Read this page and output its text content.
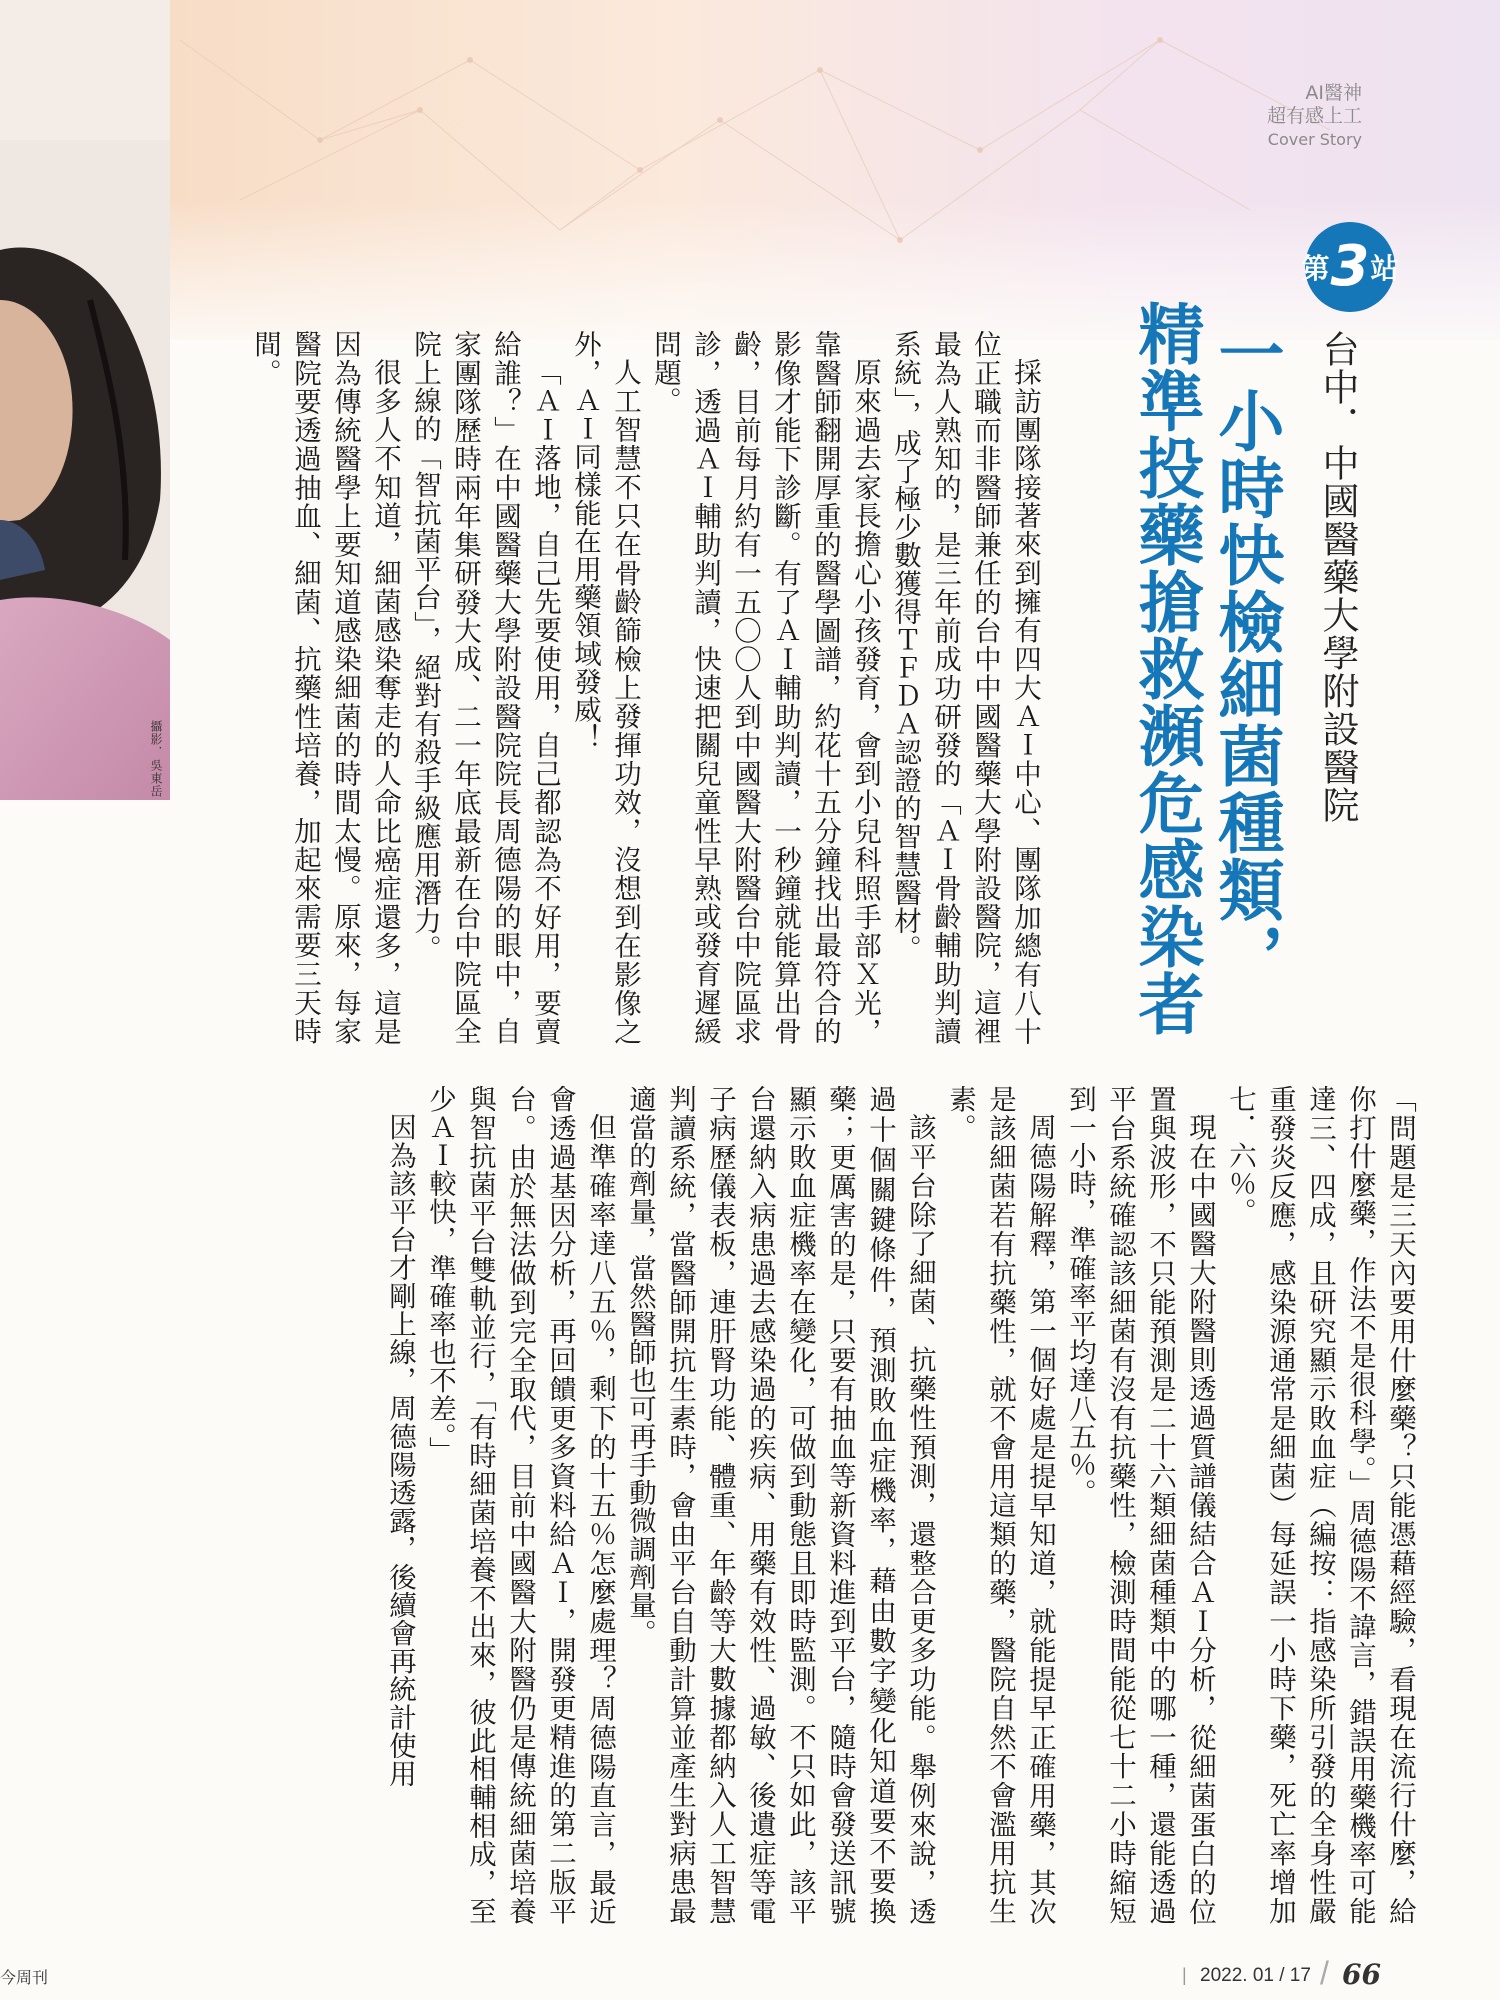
AI醫神
超有感上工
Cover Story
第 3 站
台中．中國醫藥大學附設醫院
一小時快檢細菌種類，
精準投藥搶救瀕危感染者
攝影．吳東岳	採訪團隊接著來到擁有四大ＡＩ中心、團隊加總有八十位正職而非醫師兼任的台中中國醫藥大學附設醫院，這裡最為人熟知的，是三年前成功研發的「ＡＩ骨齡輔助判讀系統」，成了極少數獲得ＴＦＤＡ認證的智慧醫材。

原來過去家長擔心小孩發育，會到小兒科照手部Ｘ光，靠醫師翻開厚重的醫學圖譜，約花十五分鐘找出最符合的影像才能下診斷。有了ＡＩ輔助判讀，一秒鐘就能算出骨齡，目前每月約有一五〇〇人到中國醫大附醫台中院區求診，透過ＡＩ輔助判讀，快速把關兒童性早熟或發育遲緩問題。

人工智慧不只在骨齡篩檢上發揮功效，沒想到在影像之外，ＡＩ同樣能在用藥領域發威！

「ＡＩ落地，自己先要使用，自己都認為不好用，要賣給誰？」在中國醫藥大學附設醫院院長周德陽的眼中，自家團隊歷時兩年集研發大成、二一年底最新在台中院區全院上線的「智抗菌平台」，絕對有殺手級應用潛力。

很多人不知道，細菌感染奪走的人命比癌症還多，這是因為傳統醫學上要知道感染細菌的時間太慢。原來，每家醫院要透過抽血、細菌、抗藥性培養，加起來需要三天時間。

「問題是三天內要用什麼藥？只能憑藉經驗，看現在流行什麼，給你打什麼藥，作法不是很科學。」周德陽不諱言，錯誤用藥機率可能達三、四成，且研究顯示敗血症（編按：指感染所引發的全身性嚴重發炎反應，感染源通常是細菌）每延誤一小時下藥，死亡率增加七．六％。

現在中國醫大附醫則透過質譜儀結合ＡＩ分析，從細菌蛋白的位置與波形，不只能預測是二十六類細菌種類中的哪一種，還能透過平台系統確認該細菌有沒有抗藥性，檢測時間能從七十二小時縮短到一小時，準確率平均達八五％。

周德陽解釋，第一個好處是提早知道，就能提早正確用藥，其次是該細菌若有抗藥性，就不會用這類的藥，醫院自然不會濫用抗生素。

該平台除了細菌、抗藥性預測，還整合更多功能。舉例來說，透過十個關鍵條件，預測敗血症機率，藉由數字變化知道要不要換藥；更厲害的是，只要有抽血等新資料進到平台，隨時會發送訊號顯示敗血症機率在變化，可做到動態且即時監測。不只如此，該平台還納入病患過去感染過的疾病、用藥有效性、過敏、後遺症等電子病歷儀表板，連肝腎功能、體重、年齡等大數據都納入人工智慧判讀系統，當醫師開抗生素時，會由平台自動計算並產生對病患最適當的劑量，當然醫師也可再手動微調劑量。

但準確率達八五％，剩下的十五％怎麼處理？周德陽直言，最近會透過基因分析，再回饋更多資料給ＡＩ，開發更精進的第二版平台。由於無法做到完全取代，目前中國醫大附醫仍是傳統細菌培養與智抗菌平台雙軌並行，「有時細菌培養不出來，彼此相輔相成，至少ＡＩ較快，準確率也不差。」

因為該平台才剛上線，周德陽透露，後續會再統計使用

今周刊	| 2022. 01 / 17 / 66
